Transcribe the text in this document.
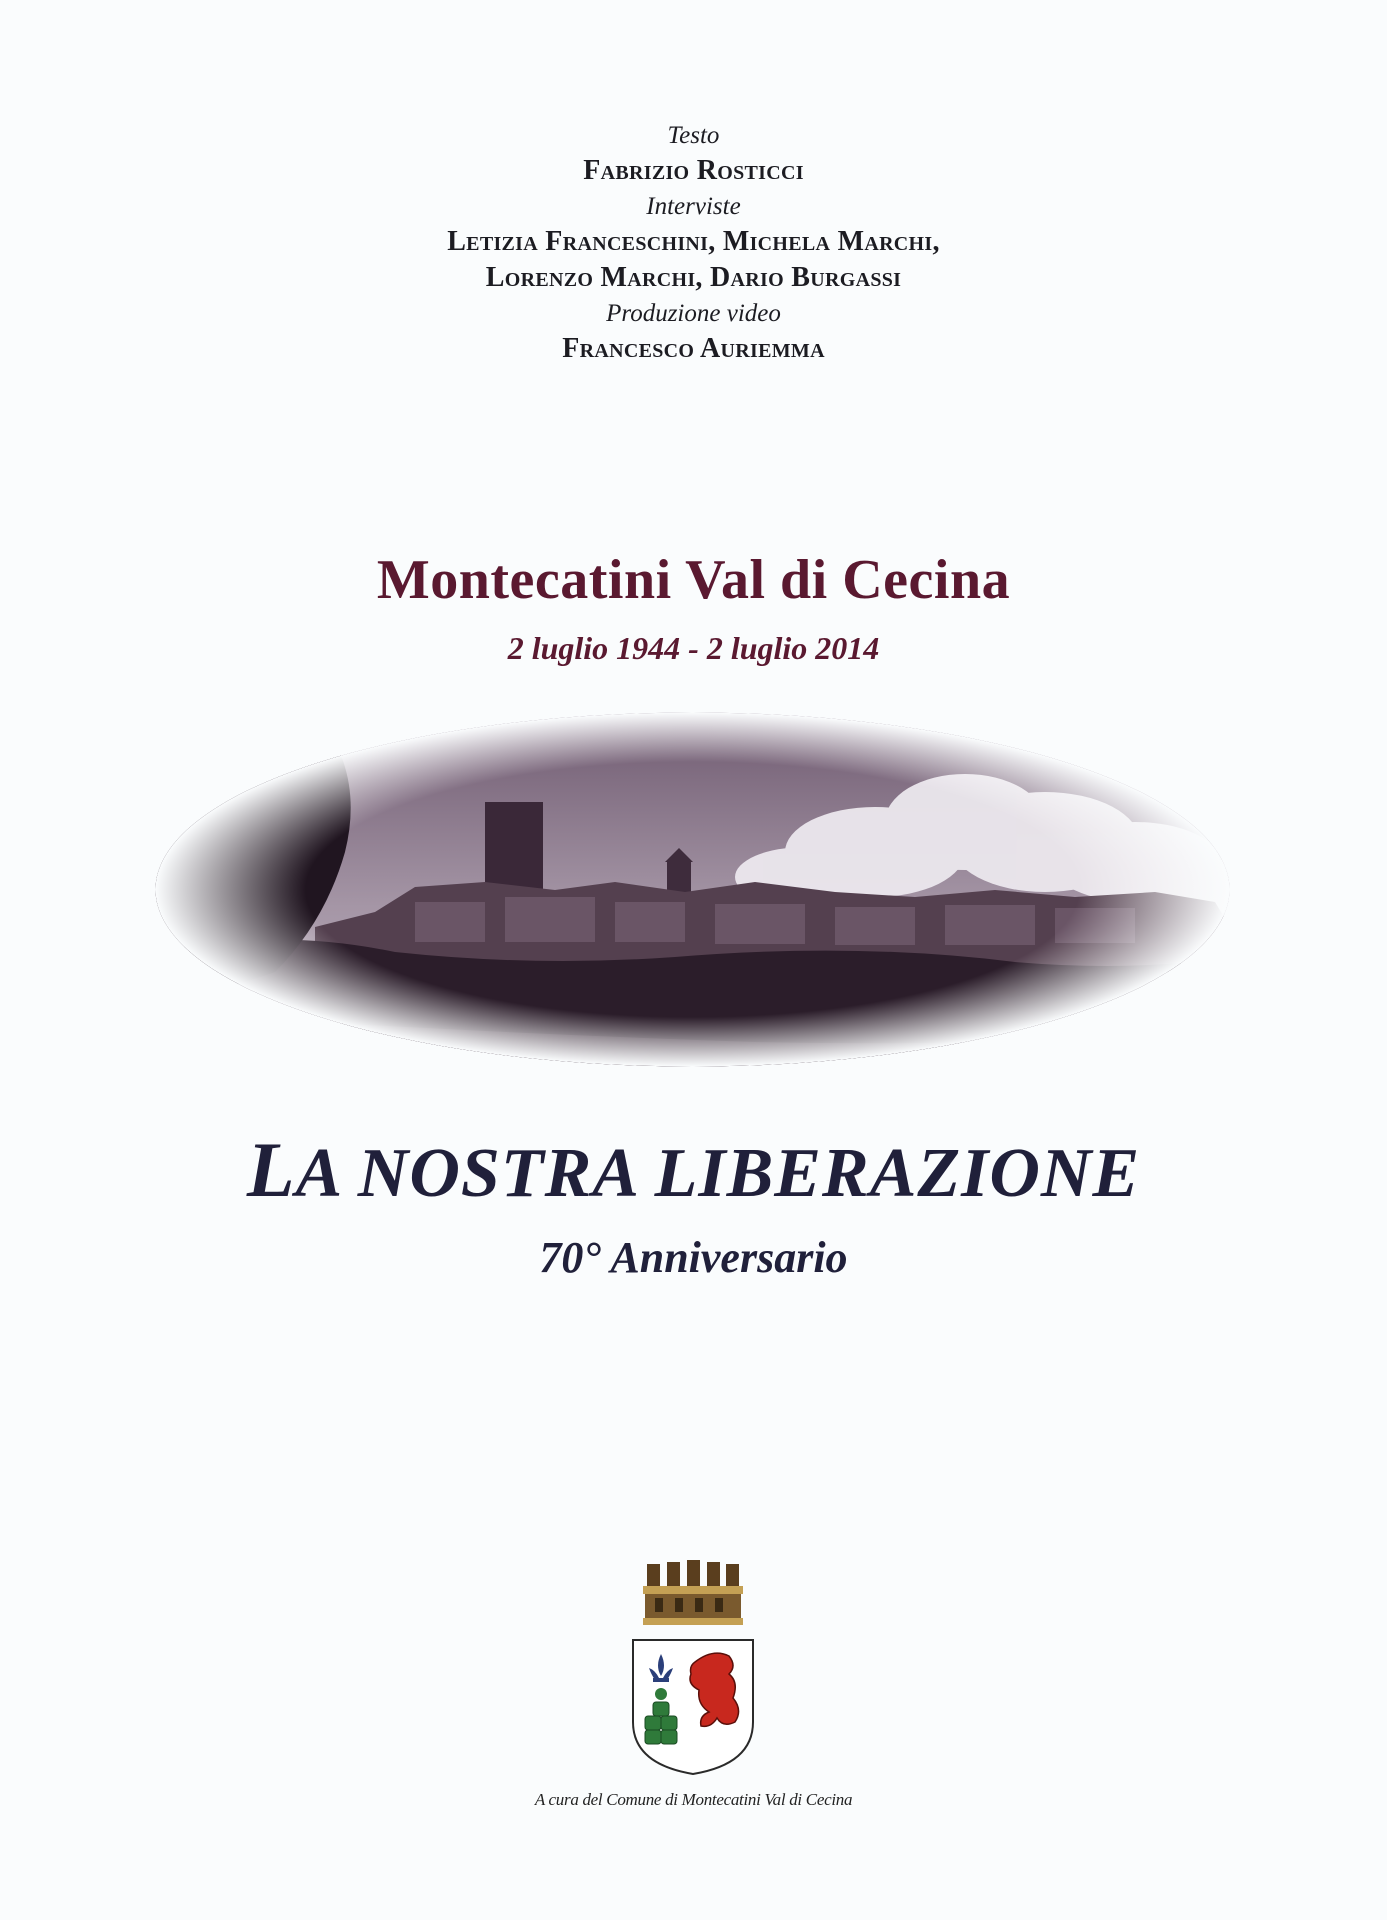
Testo
Fabrizio Rosticci
Interviste
Letizia Franceschini, Michela Marchi,
Lorenzo Marchi, Dario Burgassi
Produzione video
Francesco Auriemma
Montecatini Val di Cecina
2 luglio 1944 - 2 luglio 2014
LA NOSTRA LIBERAZIONE
70° Anniversario
A cura del Comune di Montecatini Val di Cecina
